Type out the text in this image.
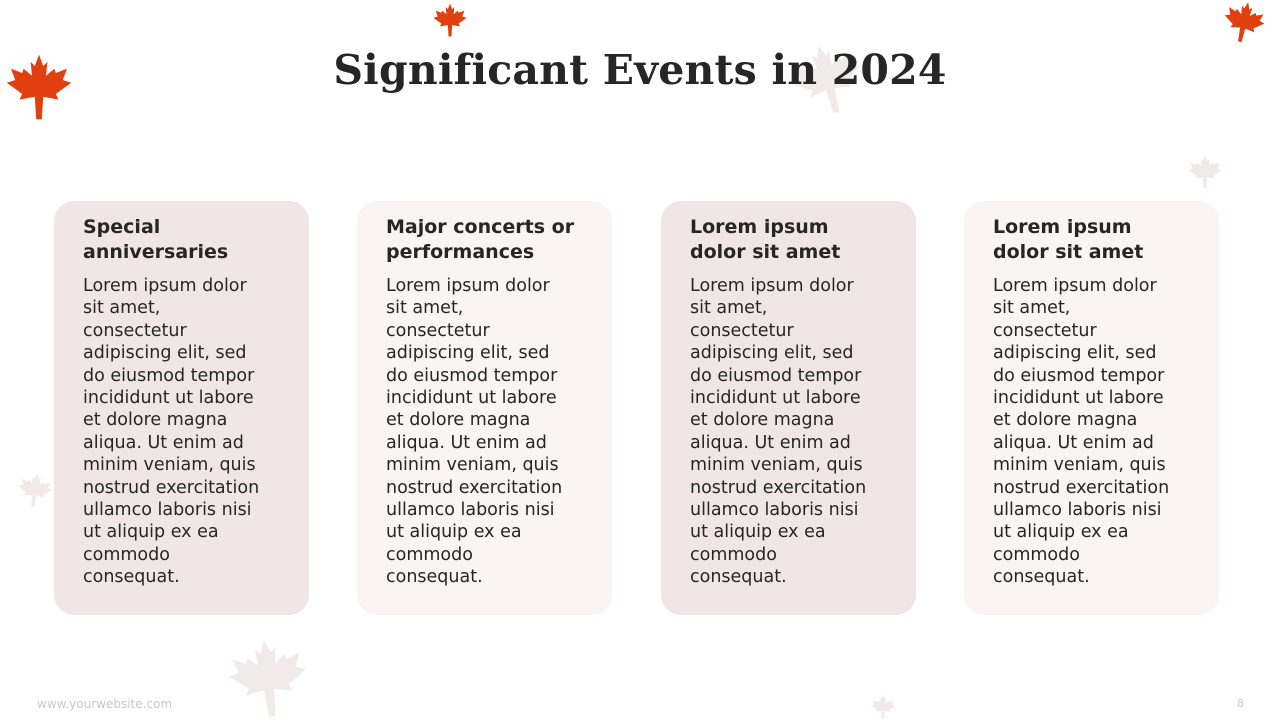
Significant Events in 2024
Special
anniversaries

Lorem ipsum dolor
sit amet,
consectetur
adipiscing elit, sed
do eiusmod tempor
incididunt ut labore
et dolore magna
aliqua. Ut enim ad
minim veniam, quis
nostrud exercitation
ullamco laboris nisi
ut aliquip ex ea
commodo
consequat.

Major concerts or
performances

Lorem ipsum dolor
sit amet,
consectetur
adipiscing elit, sed
do eiusmod tempor
incididunt ut labore
et dolore magna
aliqua. Ut enim ad
minim veniam, quis
nostrud exercitation
ullamco laboris nisi
ut aliquip ex ea
commodo
consequat.

Lorem ipsum
dolor sit amet

Lorem ipsum dolor
sit amet,
consectetur
adipiscing elit, sed
do eiusmod tempor
incididunt ut labore
et dolore magna
aliqua. Ut enim ad
minim veniam, quis
nostrud exercitation
ullamco laboris nisi
ut aliquip ex ea
commodo
consequat.

Lorem ipsum
dolor sit amet

Lorem ipsum dolor
sit amet,
consectetur
adipiscing elit, sed
do eiusmod tempor
incididunt ut labore
et dolore magna
aliqua. Ut enim ad
minim veniam, quis
nostrud exercitation
ullamco laboris nisi
ut aliquip ex ea
commodo
consequat.

www.yourwebsite.com	8
